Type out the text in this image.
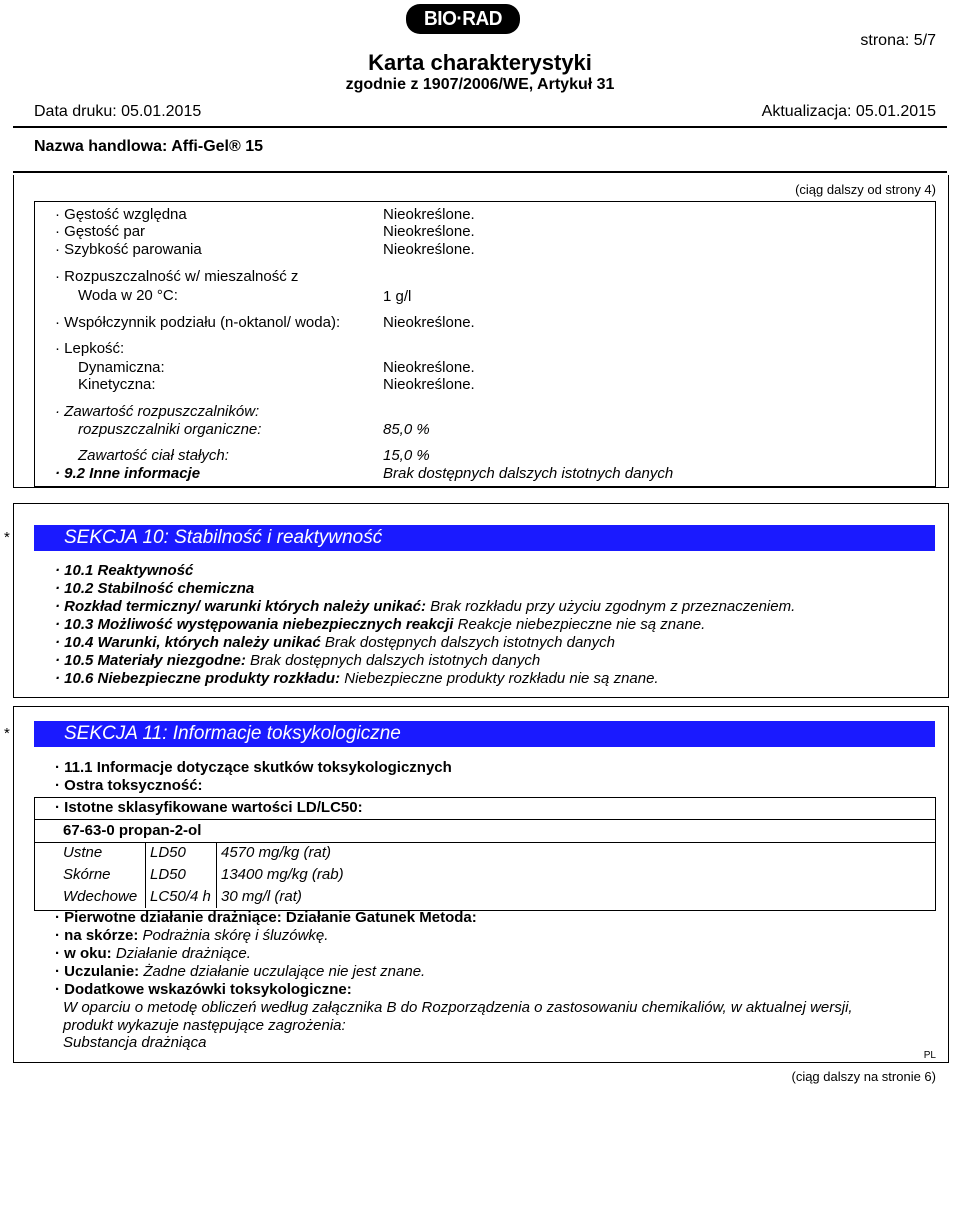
BIO·RAD
strona: 5/7
Karta charakterystyki
zgodnie z 1907/2006/WE, Artykuł 31
Data druku: 05.01.2015	Aktualizacja: 05.01.2015
Nazwa handlowa: Affi-Gel® 15
(ciąg dalszy od strony 4)
· Gęstość względna	Nieokreślone.
· Gęstość par	Nieokreślone.
· Szybkość parowania	Nieokreślone.
· Rozpuszczalność w/ mieszalność z
Woda w 20 °C:	1 g/l
· Współczynnik podziału (n-oktanol/ woda):	Nieokreślone.
· Lepkość:
Dynamiczna:	Nieokreślone.
Kinetyczna:	Nieokreślone.
· Zawartość rozpuszczalników:
rozpuszczalniki organiczne:	85,0 %
Zawartość ciał stałych:	15,0 %
· 9.2 Inne informacje	Brak dostępnych dalszych istotnych danych
*	SEKCJA 10: Stabilność i reaktywność
· 10.1 Reaktywność
· 10.2 Stabilność chemiczna
· Rozkład termiczny/ warunki których należy unikać: Brak rozkładu przy użyciu zgodnym z przeznaczeniem.
· 10.3 Możliwość występowania niebezpiecznych reakcji Reakcje niebezpieczne nie są znane.
· 10.4 Warunki, których należy unikać Brak dostępnych dalszych istotnych danych
· 10.5 Materiały niezgodne: Brak dostępnych dalszych istotnych danych
· 10.6 Niebezpieczne produkty rozkładu: Niebezpieczne produkty rozkładu nie są znane.
*	SEKCJA 11: Informacje toksykologiczne
· 11.1 Informacje dotyczące skutków toksykologicznych
· Ostra toksyczność:
· Istotne sklasyfikowane wartości LD/LC50:
67-63-0 propan-2-ol
Ustne	LD50	4570 mg/kg (rat)
Skórne	LD50	13400 mg/kg (rab)
Wdechowe	LC50/4 h	30 mg/l (rat)
· Pierwotne działanie drażniące: Działanie Gatunek Metoda:
· na skórze: Podrażnia skórę i śluzówkę.
· w oku: Działanie drażniące.
· Uczulanie: Żadne działanie uczulające nie jest znane.
· Dodatkowe wskazówki toksykologiczne:
W oparciu o metodę obliczeń według załącznika B do Rozporządzenia o zastosowaniu chemikaliów, w aktualnej wersji,
produkt wykazuje następujące zagrożenia:
Substancja drażniąca
PL
(ciąg dalszy na stronie 6)
